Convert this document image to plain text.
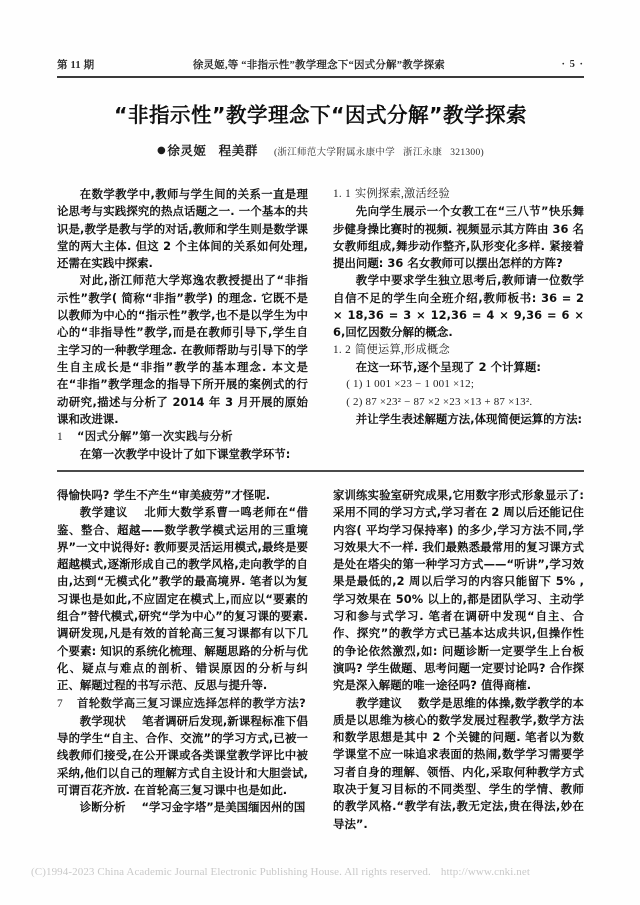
第 11 期	徐灵姬,等 “非指示性”教学理念下“因式分解”教学探索	· 5 ·
“非指示性”教学理念下“因式分解”教学探索
●徐灵姬 程美群 (浙江师范大学附属永康中学 浙江永康 321300)

在数学教学中,教师与学生间的关系一直是理论思考与实践探究的热点话题之一. 一个基本的共识是,教学是教与学的对话,教师和学生则是数学课堂的两大主体. 但这 2 个主体间的关系如何处理,还需在实践中探索.

对此,浙江师范大学郑逸农教授提出了“非指示性”教学( 简称“非指”教学) 的理念. 它既不是以教师为中心的“指示性”教学,也不是以学生为中心的“非指导性”教学,而是在教师引导下,学生自主学习的一种教学理念. 在教师帮助与引导下的学生自主成长是“非指”教学的基本理念. 本文是在“非指”教学理念的指导下所开展的案例式的行动研究,描述与分析了 2014 年 3 月开展的原始课和改进课.

1 “因式分解”第一次实践与分析

在第一次教学中设计了如下课堂教学环节:

1. 1 实例探索,激活经验

先向学生展示一个女教工在“三八节”快乐舞步健身操比赛时的视频. 视频显示其方阵由 36 名女教师组成,舞步动作整齐,队形变化多样. 紧接着提出问题: 36 名女教师可以摆出怎样的方阵?

教学中要求学生独立思考后,教师请一位数学自信不足的学生向全班介绍,教师板书: 36 = 2 × 18,36 = 3 × 12,36 = 4 × 9,36 = 6 × 6,回忆因数分解的概念.

1. 2 简便运算,形成概念

在这一环节,逐个呈现了 2 个计算题:

( 1) 1 001 ×23 − 1 001 ×12;

( 2) 87 ×23² − 87 ×2 ×23 ×13 + 87 ×13².

并让学生表述解题方法,体现简便运算的方法:

得愉快吗? 学生不产生“审美疲劳”才怪呢.

教学建议 北师大数学系曹一鸣老师在“借鉴、整合、超越——数学教学模式运用的三重境界”一文中说得好: 教师要灵活运用模式,最终是要超越模式,逐渐形成自己的教学风格,走向教学的自由,达到“无模式化”教学的最高境界. 笔者以为复习课也是如此,不应固定在模式上,而应以“要素的组合”替代模式,研究“学为中心”的复习课的要素. 调研发现,凡是有效的首轮高三复习课都有以下几个要素: 知识的系统化梳理、解题思路的分析与优化、疑点与难点的剖析、错误原因的分析与纠正、解题过程的书写示范、反思与提升等.

7 首轮数学高三复习课应选择怎样的教学方法?

教学现状 笔者调研后发现,新课程标准下倡导的学生“自主、合作、交流”的学习方式,已被一线教师们接受,在公开课或各类课堂教学评比中被采纳,他们以自己的理解方式自主设计和大胆尝试,可谓百花齐放. 在首轮高三复习课中也是如此.

诊断分析 “学习金字塔”是美国缅因州的国

家训练实验室研究成果,它用数字形式形象显示了: 采用不同的学习方式,学习者在 2 周以后还能记住内容( 平均学习保持率) 的多少,学习方法不同,学习效果大不一样. 我们最熟悉最常用的复习课方式是处在塔尖的第一种学习方式——“听讲”,学习效果是最低的,2 周以后学习的内容只能留下 5% ,学习效果在 50% 以上的,都是团队学习、主动学习和参与式学习. 笔者在调研中发现“自主、合作、探究”的教学方式已基本达成共识,但操作性的争论依然激烈,如: 问题诊断一定要学生上台板演吗? 学生做题、思考问题一定要讨论吗? 合作探究是深入解题的唯一途径吗? 值得商榷.

教学建议 数学是思维的体操,数学教学的本质是以思维为核心的数学发展过程教学,数学方法和数学思想是其中 2 个关键的问题. 笔者以为数学课堂不应一味追求表面的热闹,数学学习需要学习者自身的理解、领悟、内化,采取何种教学方式取决于复习目标的不同类型、学生的学情、教师的教学风格.“教学有法,教无定法,贵在得法,妙在导法”.

(C)1994-2023 China Academic Journal Electronic Publishing House. All rights reserved. http://www.cnki.net
